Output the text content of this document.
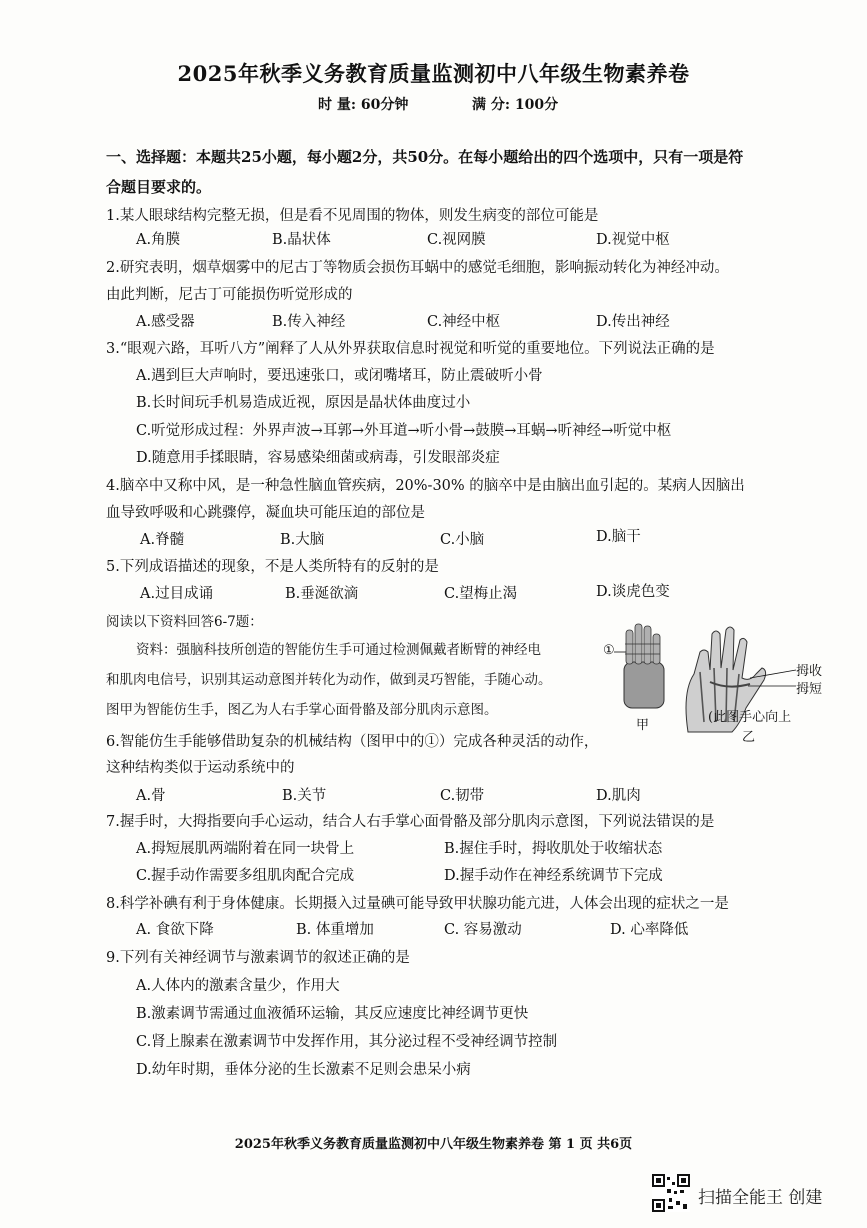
2025年秋季义务教育质量监测初中八年级生物素养卷
时 量: 60分钟	满 分: 100分
一、选择题：本题共25小题，每小题2分，共50分。在每小题给出的四个选项中，只有一项是符
合题目要求的。
1.某人眼球结构完整无损，但是看不见周围的物体，则发生病变的部位可能是
A.角膜	B.晶状体	C.视网膜	D.视觉中枢
2.研究表明，烟草烟雾中的尼古丁等物质会损伤耳蜗中的感觉毛细胞，影响振动转化为神经冲动。
由此判断，尼古丁可能损伤听觉形成的
A.感受器	B.传入神经	C.神经中枢	D.传出神经
3.“眼观六路，耳听八方”阐释了人从外界获取信息时视觉和听觉的重要地位。下列说法正确的是
A.遇到巨大声响时，要迅速张口，或闭嘴堵耳，防止震破听小骨
B.长时间玩手机易造成近视，原因是晶状体曲度过小
C.听觉形成过程：外界声波→耳郭→外耳道→听小骨→鼓膜→耳蜗→听神经→听觉中枢
D.随意用手揉眼睛，容易感染细菌或病毒，引发眼部炎症
4.脑卒中又称中风，是一种急性脑血管疾病，20%-30% 的脑卒中是由脑出血引起的。某病人因脑出
血导致呼吸和心跳骤停，凝血块可能压迫的部位是
A.脊髓	B.大脑	C.小脑	D.脑干
5.下列成语描述的现象，不是人类所特有的反射的是
A.过目成诵	B.垂涎欲滴	C.望梅止渴	D.谈虎色变
阅读以下资料回答6-7题：
资料：强脑科技所创造的智能仿生手可通过检测佩戴者断臂的神经电
和肌肉电信号，识别其运动意图并转化为动作，做到灵巧智能，手随心动。
图甲为智能仿生手，图乙为人右手掌心面骨骼及部分肌肉示意图。
①
拇收
拇短
甲
(此图手心向上
乙
6.智能仿生手能够借助复杂的机械结构（图甲中的①）完成各种灵活的动作，
这种结构类似于运动系统中的
A.骨	B.关节	C.韧带	D.肌肉
7.握手时，大拇指要向手心运动，结合人右手掌心面骨骼及部分肌肉示意图，下列说法错误的是
A.拇短展肌两端附着在同一块骨上	B.握住手时，拇收肌处于收缩状态
C.握手动作需要多组肌肉配合完成	D.握手动作在神经系统调节下完成
8.科学补碘有利于身体健康。长期摄入过量碘可能导致甲状腺功能亢进，人体会出现的症状之一是
A. 食欲下降	B. 体重增加	C. 容易激动	D. 心率降低
9.下列有关神经调节与激素调节的叙述正确的是
A.人体内的激素含量少，作用大
B.激素调节需通过血液循环运输，其反应速度比神经调节更快
C.肾上腺素在激素调节中发挥作用，其分泌过程不受神经调节控制
D.幼年时期，垂体分泌的生长激素不足则会患呆小病
2025年秋季义务教育质量监测初中八年级生物素养卷 第 1 页 共6页
扫描全能王 创建
